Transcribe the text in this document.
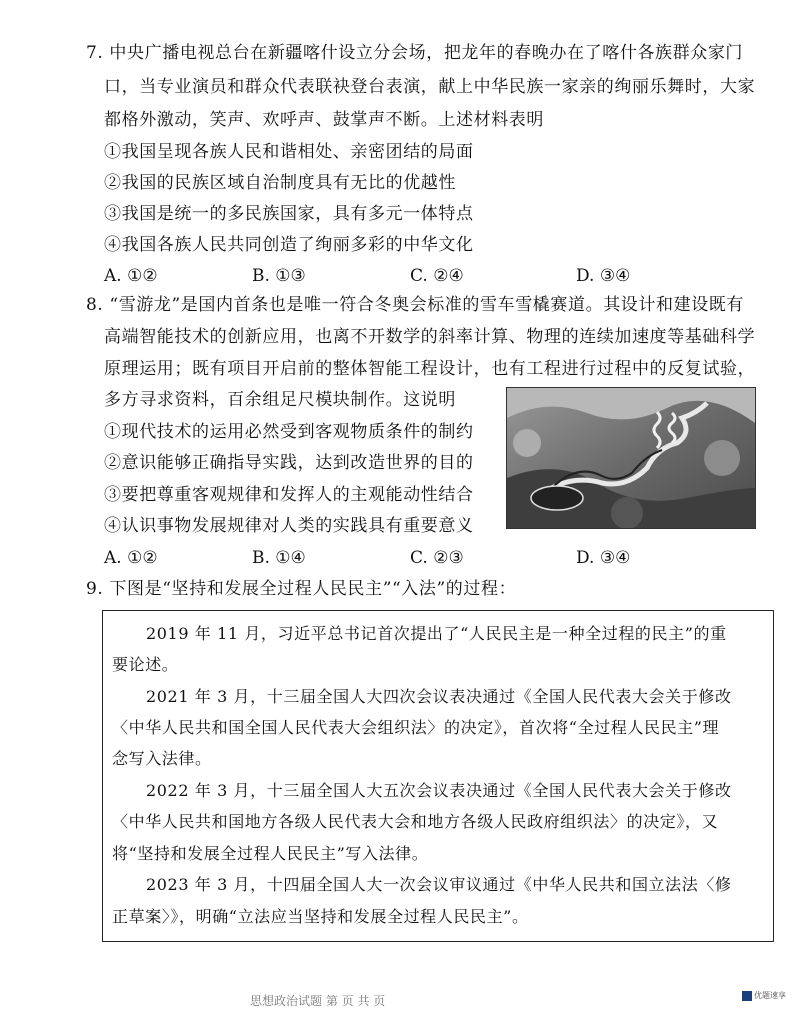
7. 中央广播电视总台在新疆喀什设立分会场，把龙年的春晚办在了喀什各族群众家门
口，当专业演员和群众代表联袂登台表演，献上中华民族一家亲的绚丽乐舞时，大家
都格外激动，笑声、欢呼声、鼓掌声不断。上述材料表明
①我国呈现各族人民和谐相处、亲密团结的局面
②我国的民族区域自治制度具有无比的优越性
③我国是统一的多民族国家，具有多元一体特点
④我国各族人民共同创造了绚丽多彩的中华文化
A. ①②	B. ①③	C. ②④	D. ③④
8. “雪游龙”是国内首条也是唯一符合冬奥会标准的雪车雪橇赛道。其设计和建设既有
高端智能技术的创新应用，也离不开数学的斜率计算、物理的连续加速度等基础科学
原理运用；既有项目开启前的整体智能工程设计，也有工程进行过程中的反复试验，
多方寻求资料，百余组足尺模块制作。这说明
①现代技术的运用必然受到客观物质条件的制约
②意识能够正确指导实践，达到改造世界的目的
③要把尊重客观规律和发挥人的主观能动性结合
④认识事物发展规律对人类的实践具有重要意义
A. ①②	B. ①④	C. ②③	D. ③④
9. 下图是“坚持和发展全过程人民民主”“入法”的过程：
2019 年 11 月，习近平总书记首次提出了“人民民主是一种全过程的民主”的重
要论述。
2021 年 3 月，十三届全国人大四次会议表决通过《全国人民代表大会关于修改
〈中华人民共和国全国人民代表大会组织法〉的决定》，首次将“全过程人民民主”理
念写入法律。
2022 年 3 月，十三届全国人大五次会议表决通过《全国人民代表大会关于修改
〈中华人民共和国地方各级人民代表大会和地方各级人民政府组织法〉的决定》，又
将“坚持和发展全过程人民民主”写入法律。
2023 年 3 月，十四届全国人大一次会议审议通过《中华人民共和国立法法〈修
正草案〉》，明确“立法应当坚持和发展全过程人民民主”。
思想政治试题 第 页 共 页	优题速享
